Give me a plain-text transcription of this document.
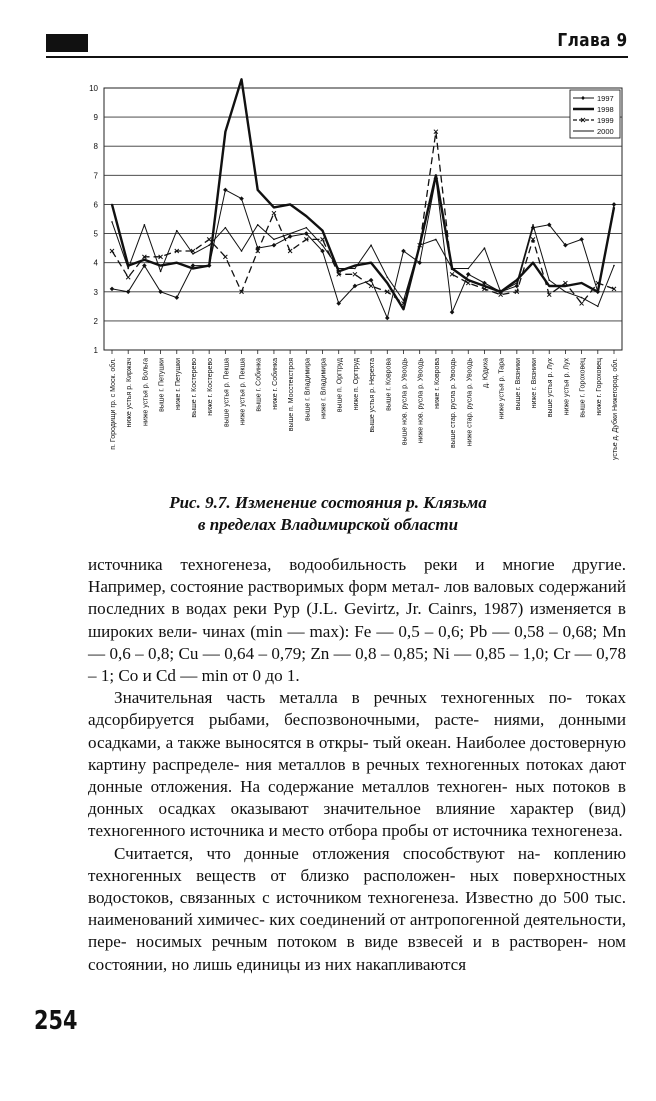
Глава 9
1
2
3
4
5
6
7
8
9
10
п. Городищи гр. с Моск. обл. ниже устья р. Киржач ниже устья р. Вольга выше г. Петушки ниже г. Петушки выше г. Костерево ниже г. Костерево выше устья р. Пекша ниже устья р. Пекша выше г. Собинка ниже г. Собинка выше п. Мосстекстроя выше г. Владимира ниже г. Владимира выше п. Оргтруд ниже п. Оргтруд выше устья р. Нерехта выше г. Коврова выше нов. русла р. Увоодь ниже нов. русла р. Увоодь ниже г. Коврова выше стар. русла р. Увоодь ниже стар. русла р. Увоодь д. Юдиха ниже устья р. Тара выше г. Вязники ниже г. Вязники выше устья р. Лух ниже устья р. Лух выше г. Гороховец ниже г. Гороховец устье д. Дубки Нижегород. обл.
1997
1998
1999
2000
Рис. 9.7. Изменение состояния р. Клязьма
в пределах Владимирской области

источника техногенеза, водообильность реки и многие другие. Например, состояние растворимых форм метал- лов валовых содержаний последних в водах реки Рур (J.L. Gevirtz, Jr. Cainrs, 1987) изменяется в широких вели- чинах (min — max): Fe — 0,5 – 0,6; Pb — 0,58 – 0,68; Mn — 0,6 – 0,8; Cu — 0,64 – 0,79; Zn — 0,8 – 0,85; Ni — 0,85 – 1,0; Cr — 0,78 – 1; Co и Cd — min от 0 до 1.

Значительная часть металла в речных техногенных по- токах адсорбируется рыбами, беспозвоночными, расте- ниями, донными осадками, а также выносятся в откры- тый океан. Наиболее достоверную картину распределе- ния металлов в речных техногенных потоках дают донные отложения. На содержание металлов техноген- ных потоков в донных осадках оказывают значительное влияние характер (вид) техногенного источника и место отбора пробы от источника техногенеза.

Считается, что донные отложения способствуют на- коплению техногенных веществ от близко расположен- ных поверхностных водостоков, связанных с источником техногенеза. Известно до 500 тыс. наименований химичес- ких соединений от антропогенной деятельности, пере- носимых речным потоком в виде взвесей и в растворен- ном состоянии, но лишь единицы из них накапливаются

254
